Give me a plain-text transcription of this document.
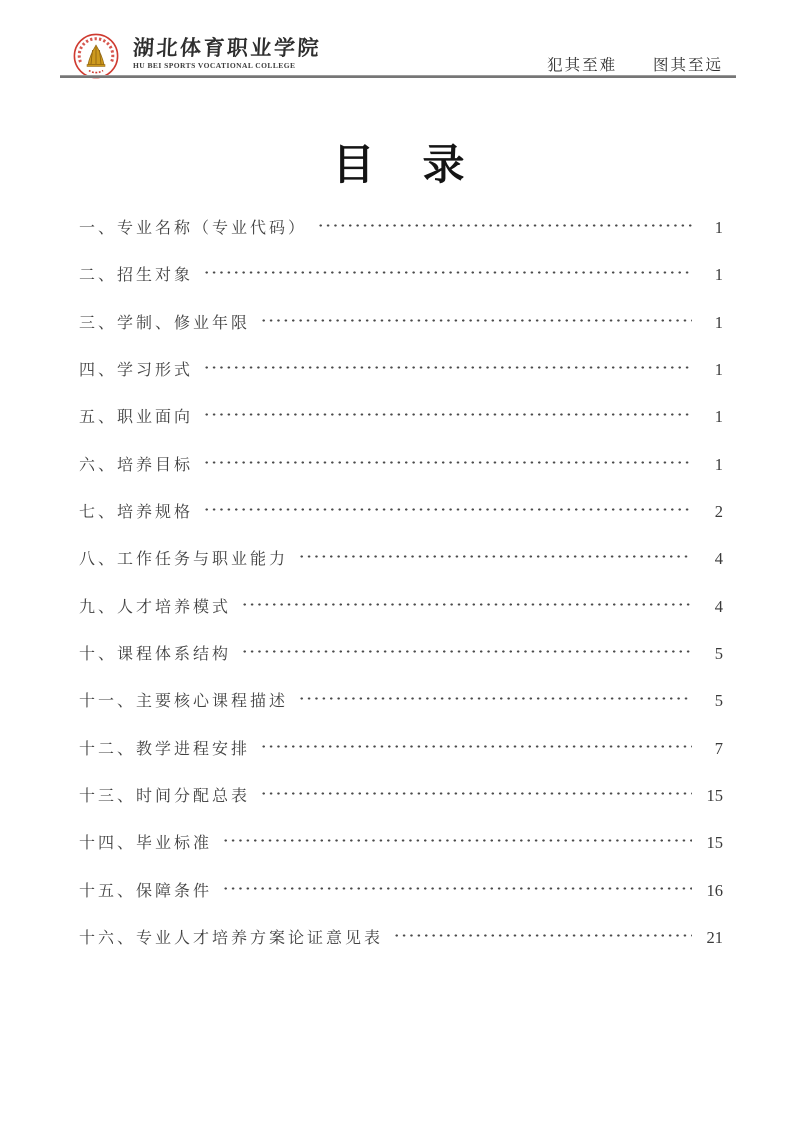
湖北体育职业学院
HU BEI SPORTS VOCATIONAL COLLEGE	犯其至难 图其至远
目　录
一、专业名称（专业代码）	1
二、招生对象	1
三、学制、修业年限	1
四、学习形式	1
五、职业面向	1
六、培养目标	1
七、培养规格	2
八、工作任务与职业能力	4
九、人才培养模式	4
十、课程体系结构	5
十一、主要核心课程描述	5
十二、教学进程安排	7
十三、时间分配总表	15
十四、毕业标准	15
十五、保障条件	16
十六、专业人才培养方案论证意见表	21
